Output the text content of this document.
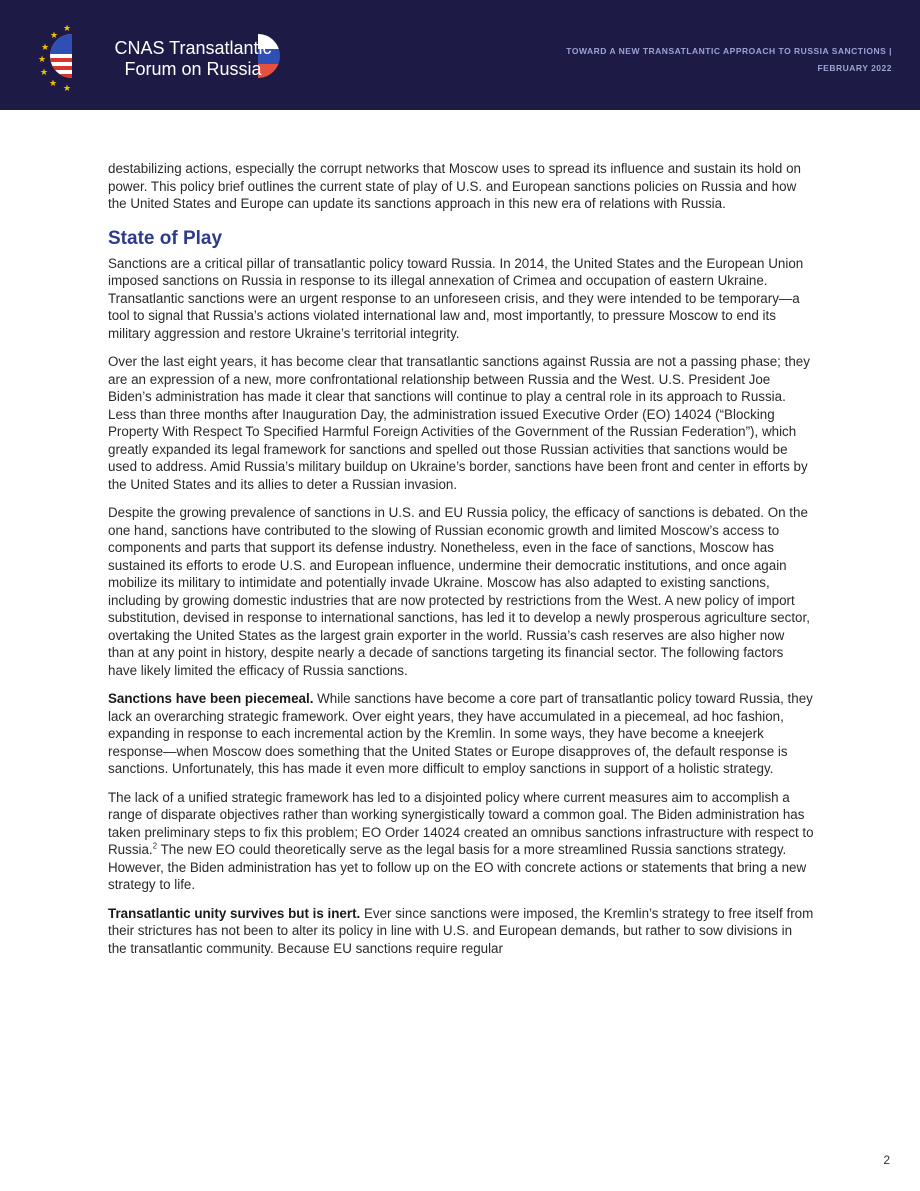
★
★
★
★
★
★ ★
CNAS Transatlantic
Forum on Russia
TOWARD A NEW TRANSATLANTIC APPROACH TO RUSSIA SANCTIONS |
FEBRUARY 2022

destabilizing actions, especially the corrupt networks that Moscow uses to spread its influence and sustain its hold on power. This policy brief outlines the current state of play of U.S. and European sanctions policies on Russia and how the United States and Europe can update its sanctions approach in this new era of relations with Russia.

State of Play

Sanctions are a critical pillar of transatlantic policy toward Russia. In 2014, the United States and the European Union imposed sanctions on Russia in response to its illegal annexation of Crimea and occupation of eastern Ukraine. Transatlantic sanctions were an urgent response to an unforeseen crisis, and they were intended to be temporary—a tool to signal that Russia’s actions violated international law and, most importantly, to pressure Moscow to end its military aggression and restore Ukraine’s territorial integrity.

Over the last eight years, it has become clear that transatlantic sanctions against Russia are not a passing phase; they are an expression of a new, more confrontational relationship between Russia and the West. U.S. President Joe Biden’s administration has made it clear that sanctions will continue to play a central role in its approach to Russia. Less than three months after Inauguration Day, the administration issued Executive Order (EO) 14024 (“Blocking Property With Respect To Specified Harmful Foreign Activities of the Government of the Russian Federation”), which greatly expanded its legal framework for sanctions and spelled out those Russian activities that sanctions would be used to address. Amid Russia’s military buildup on Ukraine’s border, sanctions have been front and center in efforts by the United States and its allies to deter a Russian invasion.

Despite the growing prevalence of sanctions in U.S. and EU Russia policy, the efficacy of sanctions is debated. On the one hand, sanctions have contributed to the slowing of Russian economic growth and limited Moscow’s access to components and parts that support its defense industry. Nonetheless, even in the face of sanctions, Moscow has sustained its efforts to erode U.S. and European influence, undermine their democratic institutions, and once again mobilize its military to intimidate and potentially invade Ukraine. Moscow has also adapted to existing sanctions, including by growing domestic industries that are now protected by restrictions from the West. A new policy of import substitution, devised in response to international sanctions, has led it to develop a newly prosperous agriculture sector, overtaking the United States as the largest grain exporter in the world. Russia’s cash reserves are also higher now than at any point in history, despite nearly a decade of sanctions targeting its financial sector. The following factors have likely limited the efficacy of Russia sanctions.

Sanctions have been piecemeal. While sanctions have become a core part of transatlantic policy toward Russia, they lack an overarching strategic framework. Over eight years, they have accumulated in a piecemeal, ad hoc fashion, expanding in response to each incremental action by the Kremlin. In some ways, they have become a kneejerk response—when Moscow does something that the United States or Europe disapproves of, the default response is sanctions. Unfortunately, this has made it even more difficult to employ sanctions in support of a holistic strategy.

The lack of a unified strategic framework has led to a disjointed policy where current measures aim to accomplish a range of disparate objectives rather than working synergistically toward a common goal. The Biden administration has taken preliminary steps to fix this problem; EO Order 14024 created an omnibus sanctions infrastructure with respect to Russia.$^2$ The new EO could theoretically serve as the legal basis for a more streamlined Russia sanctions strategy. However, the Biden administration has yet to follow up on the EO with concrete actions or statements that bring a new strategy to life.

Transatlantic unity survives but is inert. Ever since sanctions were imposed, the Kremlin’s strategy to free itself from their strictures has not been to alter its policy in line with U.S. and European demands, but rather to sow divisions in the transatlantic community. Because EU sanctions require regular

2
